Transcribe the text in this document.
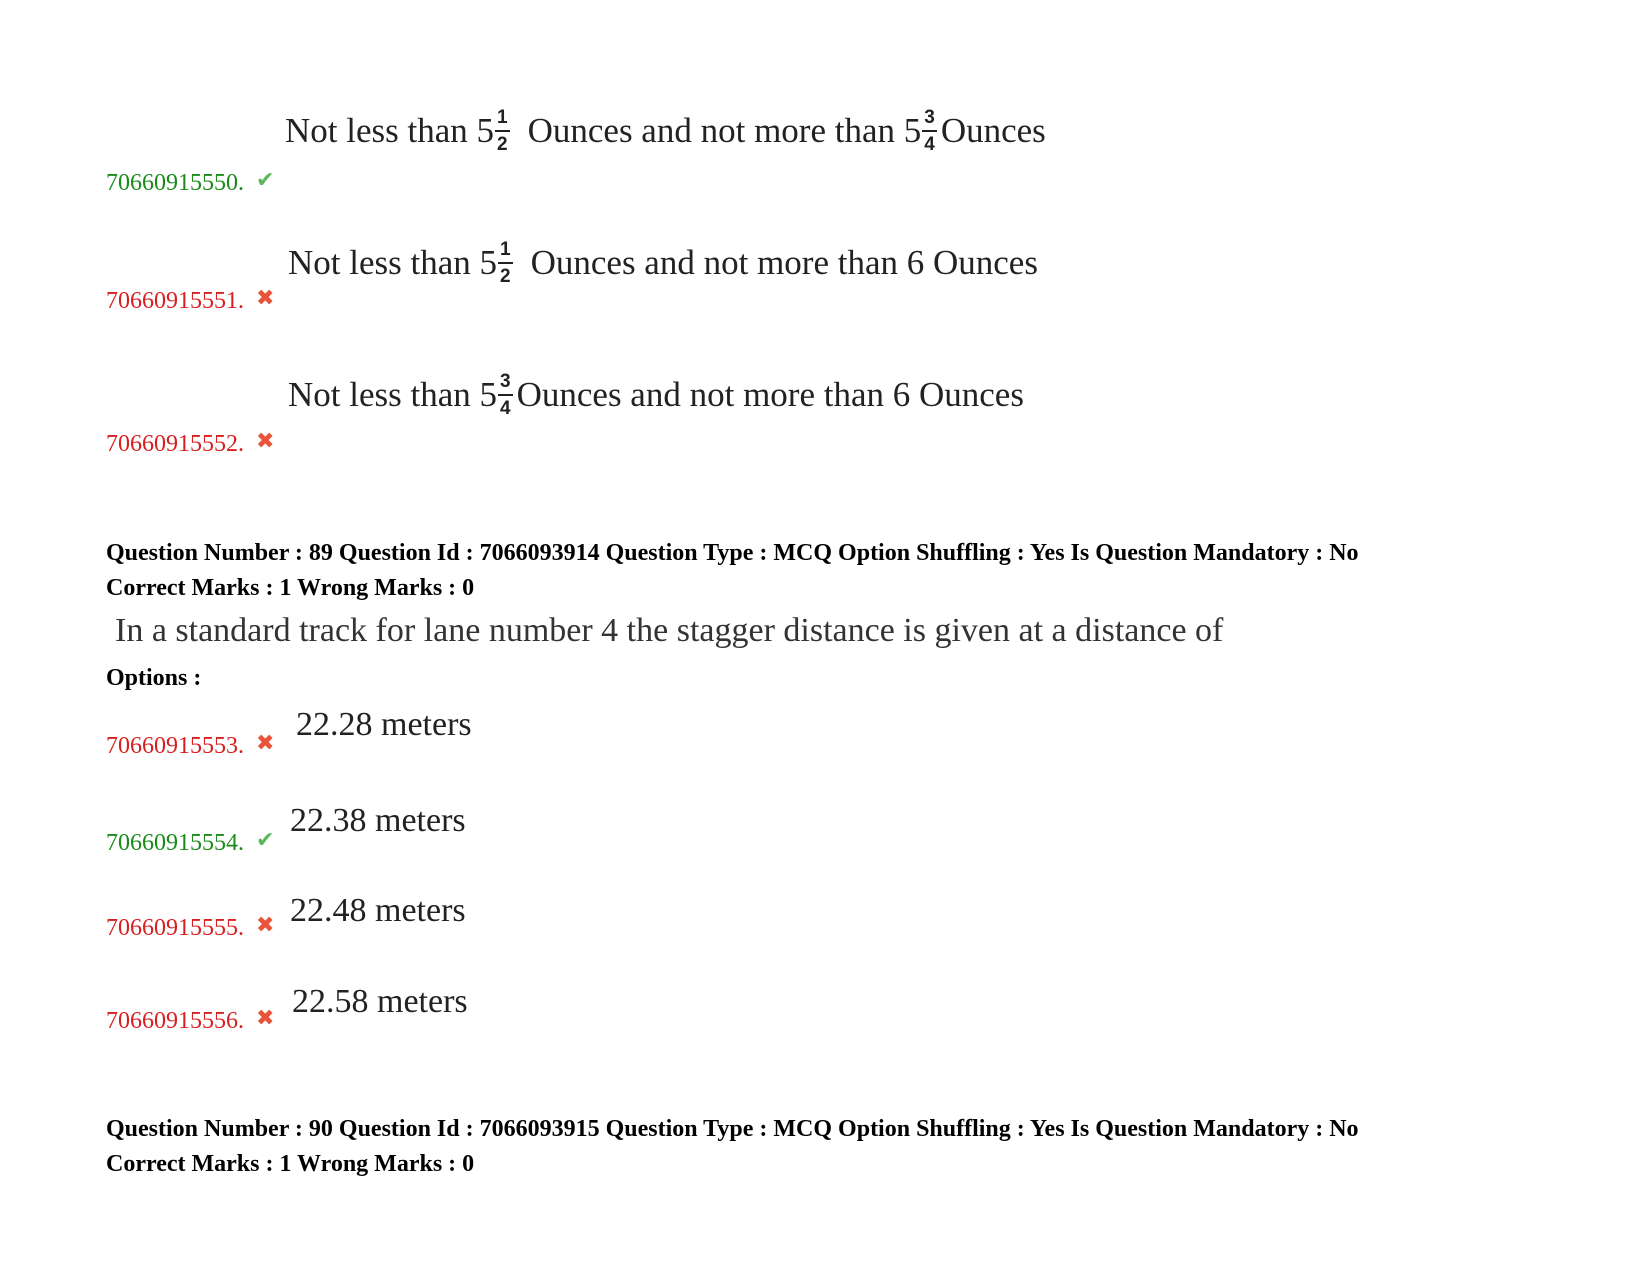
Not less than $5 \frac{1}{2}$ Ounces and not more than $5 \frac{3}{4}$ Ounces
70660915550. ✔
Not less than $5 \frac{1}{2}$ Ounces and not more than 6 Ounces
70660915551. ✖
Not less than $5 \frac{3}{4}$ Ounces and not more than 6 Ounces
70660915552. ✖
Question Number : 89 Question Id : 7066093914 Question Type : MCQ Option Shuffling : Yes Is Question Mandatory : No
Correct Marks : 1 Wrong Marks : 0
In a standard track for lane number 4 the stagger distance is given at a distance of
Options :
22.28 meters
70660915553. ✖
22.38 meters
70660915554. ✔
22.48 meters
70660915555. ✖
22.58 meters
70660915556. ✖
Question Number : 90 Question Id : 7066093915 Question Type : MCQ Option Shuffling : Yes Is Question Mandatory : No
Correct Marks : 1 Wrong Marks : 0
